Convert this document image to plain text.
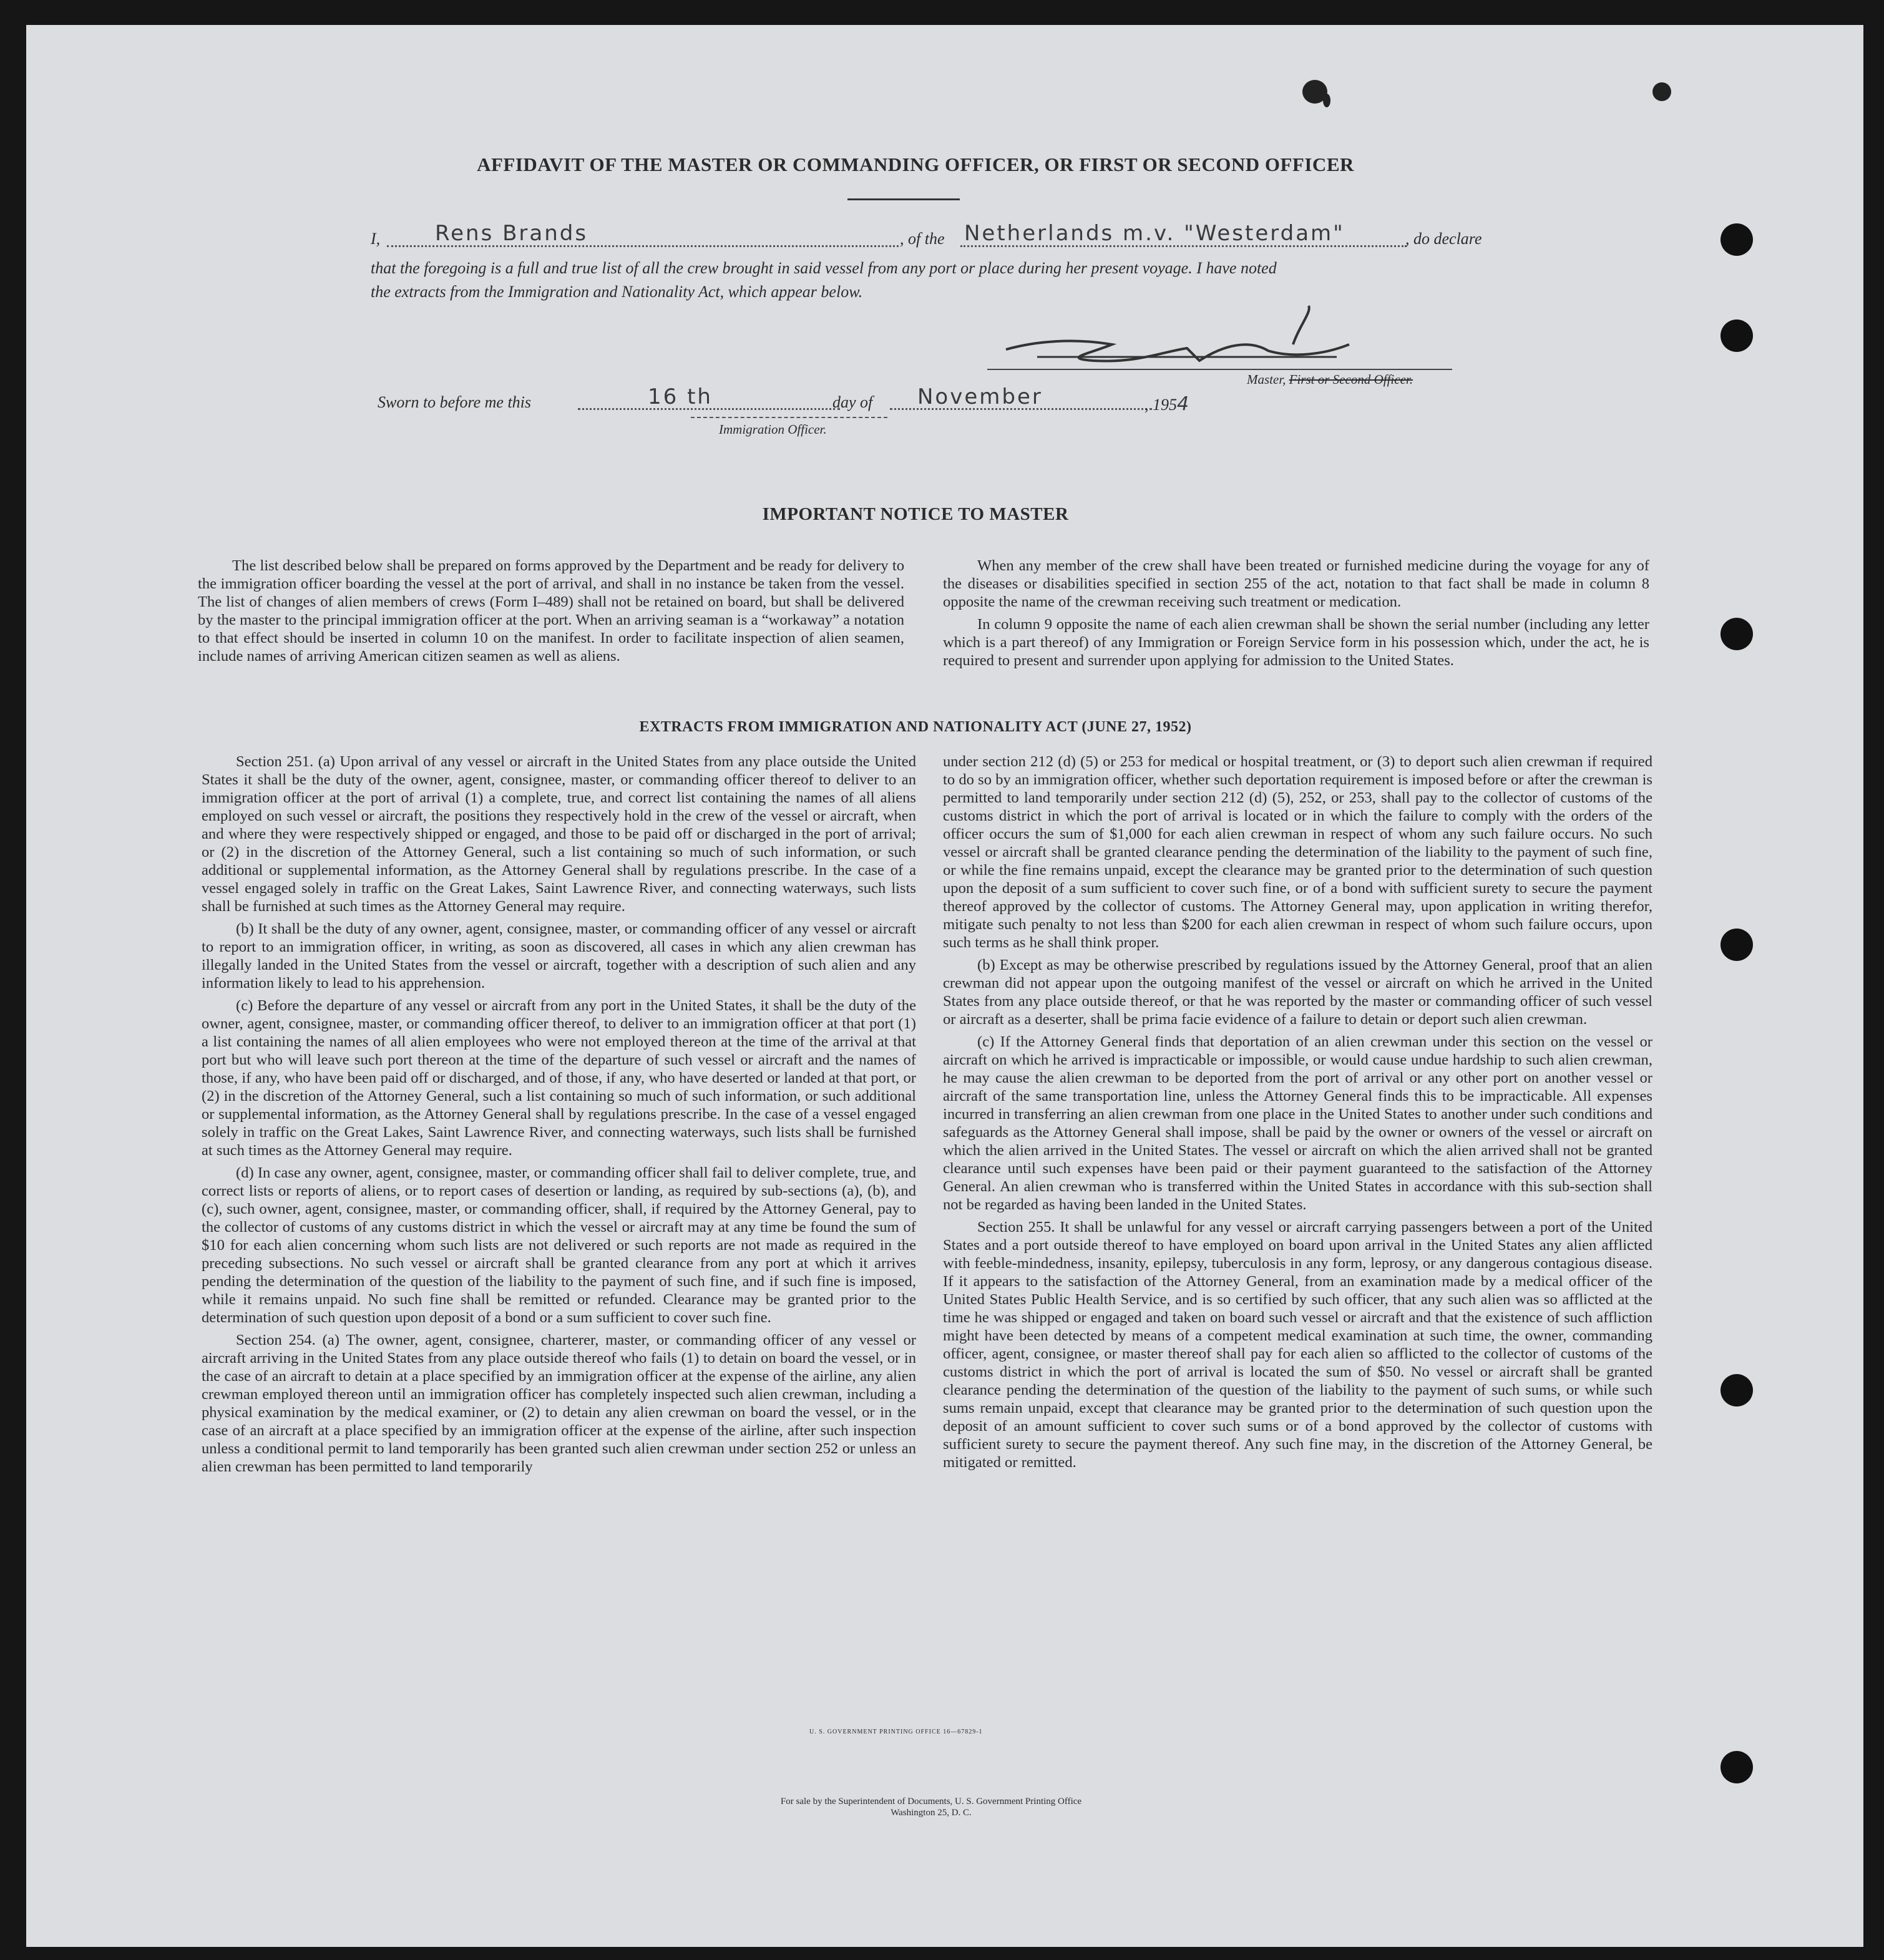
AFFIDAVIT OF THE MASTER OR COMMANDING OFFICER, OR FIRST OR SECOND OFFICER
I,	Rens Brands	, of the Netherlands m.v. "Westerdam"	, do declare
that the foregoing is a full and true list of all the crew brought in said vessel from any port or place during her present voyage. I have noted
the extracts from the Immigration and Nationality Act, which appear below.
Master, First or Second Officer.
Sworn to before me this	16 th	day of November	, 1954
Immigration Officer.
IMPORTANT NOTICE TO MASTER

The list described below shall be prepared on forms approved by the Department and be ready for delivery to the immigration officer boarding the vessel at the port of arrival, and shall in no instance be taken from the vessel. The list of changes of alien members of crews (Form I–489) shall not be retained on board, but shall be delivered by the master to the principal immigration officer at the port. When an arriving seaman is a “workaway” a notation to that effect should be inserted in column 10 on the manifest. In order to facilitate inspection of alien seamen, include names of arriving American citizen seamen as well as aliens.

When any member of the crew shall have been treated or furnished medicine during the voyage for any of the diseases or disabilities specified in section 255 of the act, notation to that fact shall be made in column 8 opposite the name of the crewman receiving such treatment or medication.

In column 9 opposite the name of each alien crewman shall be shown the serial number (including any letter which is a part thereof) of any Immigration or Foreign Service form in his possession which, under the act, he is required to present and surrender upon applying for admission to the United States.

EXTRACTS FROM IMMIGRATION AND NATIONALITY ACT (JUNE 27, 1952)

Section 251. (a) Upon arrival of any vessel or aircraft in the United States from any place outside the United States it shall be the duty of the owner, agent, consignee, master, or commanding officer thereof to deliver to an immigration officer at the port of arrival (1) a complete, true, and correct list containing the names of all aliens employed on such vessel or aircraft, the positions they respectively hold in the crew of the vessel or aircraft, when and where they were respectively shipped or engaged, and those to be paid off or discharged in the port of arrival; or (2) in the discretion of the Attorney General, such a list containing so much of such information, or such additional or supplemental information, as the Attorney General shall by regulations prescribe. In the case of a vessel engaged solely in traffic on the Great Lakes, Saint Lawrence River, and connecting waterways, such lists shall be furnished at such times as the Attorney General may require.

(b) It shall be the duty of any owner, agent, consignee, master, or commanding officer of any vessel or aircraft to report to an immigration officer, in writing, as soon as discovered, all cases in which any alien crewman has illegally landed in the United States from the vessel or aircraft, together with a description of such alien and any information likely to lead to his apprehension.

(c) Before the departure of any vessel or aircraft from any port in the United States, it shall be the duty of the owner, agent, consignee, master, or commanding officer thereof, to deliver to an immigration officer at that port (1) a list containing the names of all alien employees who were not employed thereon at the time of the arrival at that port but who will leave such port thereon at the time of the departure of such vessel or aircraft and the names of those, if any, who have been paid off or discharged, and of those, if any, who have deserted or landed at that port, or (2) in the discretion of the Attorney General, such a list containing so much of such information, or such additional or supplemental information, as the Attorney General shall by regulations prescribe. In the case of a vessel engaged solely in traffic on the Great Lakes, Saint Lawrence River, and connecting waterways, such lists shall be furnished at such times as the Attorney General may require.

(d) In case any owner, agent, consignee, master, or commanding officer shall fail to deliver complete, true, and correct lists or reports of aliens, or to report cases of desertion or landing, as required by sub-sections (a), (b), and (c), such owner, agent, consignee, master, or commanding officer, shall, if required by the Attorney General, pay to the collector of customs of any customs district in which the vessel or aircraft may at any time be found the sum of $10 for each alien concerning whom such lists are not delivered or such reports are not made as required in the preceding subsections. No such vessel or aircraft shall be granted clearance from any port at which it arrives pending the determination of the question of the liability to the payment of such fine, and if such fine is imposed, while it remains unpaid. No such fine shall be remitted or refunded. Clearance may be granted prior to the determination of such question upon deposit of a bond or a sum sufficient to cover such fine.

Section 254. (a) The owner, agent, consignee, charterer, master, or commanding officer of any vessel or aircraft arriving in the United States from any place outside thereof who fails (1) to detain on board the vessel, or in the case of an aircraft to detain at a place specified by an immigration officer at the expense of the airline, any alien crewman employed thereon until an immigration officer has completely inspected such alien crewman, including a physical examination by the medical examiner, or (2) to detain any alien crewman on board the vessel, or in the case of an aircraft at a place specified by an immigration officer at the expense of the airline, after such inspection unless a conditional permit to land temporarily has been granted such alien crewman under section 252 or unless an alien crewman has been permitted to land temporarily

under section 212 (d) (5) or 253 for medical or hospital treatment, or (3) to deport such alien crewman if required to do so by an immigration officer, whether such deportation requirement is imposed before or after the crewman is permitted to land temporarily under section 212 (d) (5), 252, or 253, shall pay to the collector of customs of the customs district in which the port of arrival is located or in which the failure to comply with the orders of the officer occurs the sum of $1,000 for each alien crewman in respect of whom any such failure occurs. No such vessel or aircraft shall be granted clearance pending the determination of the liability to the payment of such fine, or while the fine remains unpaid, except the clearance may be granted prior to the determination of such question upon the deposit of a sum sufficient to cover such fine, or of a bond with sufficient surety to secure the payment thereof approved by the collector of customs. The Attorney General may, upon application in writing therefor, mitigate such penalty to not less than $200 for each alien crewman in respect of whom such failure occurs, upon such terms as he shall think proper.

(b) Except as may be otherwise prescribed by regulations issued by the Attorney General, proof that an alien crewman did not appear upon the outgoing manifest of the vessel or aircraft on which he arrived in the United States from any place outside thereof, or that he was reported by the master or commanding officer of such vessel or aircraft as a deserter, shall be prima facie evidence of a failure to detain or deport such alien crewman.

(c) If the Attorney General finds that deportation of an alien crewman under this section on the vessel or aircraft on which he arrived is impracticable or impossible, or would cause undue hardship to such alien crewman, he may cause the alien crewman to be deported from the port of arrival or any other port on another vessel or aircraft of the same transportation line, unless the Attorney General finds this to be impracticable. All expenses incurred in transferring an alien crewman from one place in the United States to another under such conditions and safeguards as the Attorney General shall impose, shall be paid by the owner or owners of the vessel or aircraft on which the alien arrived in the United States. The vessel or aircraft on which the alien arrived shall not be granted clearance until such expenses have been paid or their payment guaranteed to the satisfaction of the Attorney General. An alien crewman who is transferred within the United States in accordance with this sub-section shall not be regarded as having been landed in the United States.

Section 255. It shall be unlawful for any vessel or aircraft carrying passengers between a port of the United States and a port outside thereof to have employed on board upon arrival in the United States any alien afflicted with feeble-mindedness, insanity, epilepsy, tuberculosis in any form, leprosy, or any dangerous contagious disease. If it appears to the satisfaction of the Attorney General, from an examination made by a medical officer of the United States Public Health Service, and is so certified by such officer, that any such alien was so afflicted at the time he was shipped or engaged and taken on board such vessel or aircraft and that the existence of such affliction might have been detected by means of a competent medical examination at such time, the owner, commanding officer, agent, consignee, or master thereof shall pay for each alien so afflicted to the collector of customs of the customs district in which the port of arrival is located the sum of $50. No vessel or aircraft shall be granted clearance pending the determination of the question of the liability to the payment of such sums, or while such sums remain unpaid, except that clearance may be granted prior to the determination of such question upon the deposit of an amount sufficient to cover such sums or of a bond approved by the collector of customs with sufficient surety to secure the payment thereof. Any such fine may, in the discretion of the Attorney General, be mitigated or remitted.

U. S. GOVERNMENT PRINTING OFFICE 16—67829-1
For sale by the Superintendent of Documents, U. S. Government Printing Office
Washington 25, D. C.
